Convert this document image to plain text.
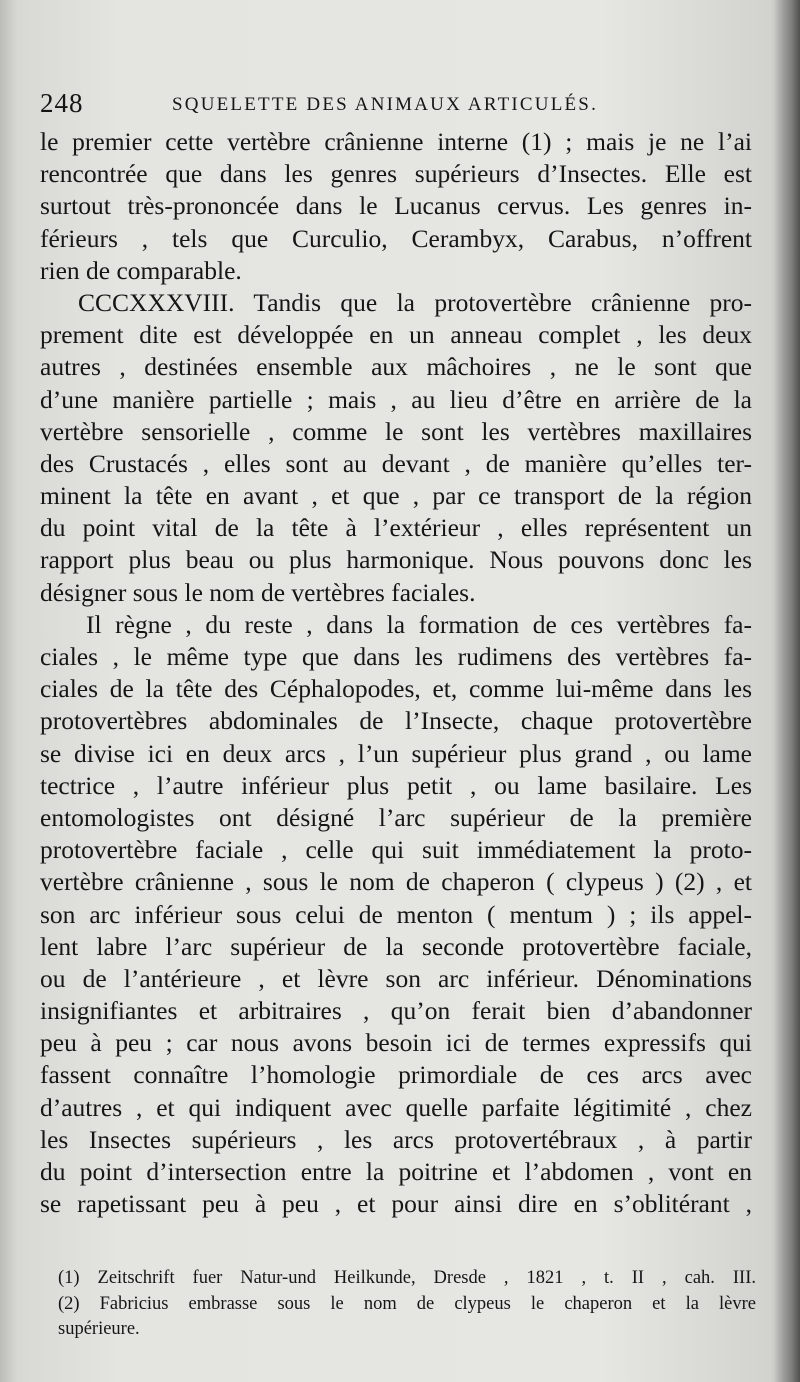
248	SQUELETTE DES ANIMAUX ARTICULÉS.
le premier cette vertèbre crânienne interne (1) ; mais je ne l’ai
rencontrée que dans les genres supérieurs d’Insectes. Elle est
surtout très-prononcée dans le Lucanus cervus. Les genres in-
férieurs , tels que Curculio, Cerambyx, Carabus, n’offrent
rien de comparable.
CCCXXXVIII. Tandis que la protovertèbre crânienne pro-
prement dite est développée en un anneau complet , les deux
autres , destinées ensemble aux mâchoires , ne le sont que
d’une manière partielle ; mais , au lieu d’être en arrière de la
vertèbre sensorielle , comme le sont les vertèbres maxillaires
des Crustacés , elles sont au devant , de manière qu’elles ter-
minent la tête en avant , et que , par ce transport de la région
du point vital de la tête à l’extérieur , elles représentent un
rapport plus beau ou plus harmonique. Nous pouvons donc les
désigner sous le nom de vertèbres faciales.
Il règne , du reste , dans la formation de ces vertèbres fa-
ciales , le même type que dans les rudimens des vertèbres fa-
ciales de la tête des Céphalopodes, et, comme lui-même dans les
protovertèbres abdominales de l’Insecte, chaque protovertèbre
se divise ici en deux arcs , l’un supérieur plus grand , ou lame
tectrice , l’autre inférieur plus petit , ou lame basilaire. Les
entomologistes ont désigné l’arc supérieur de la première
protovertèbre faciale , celle qui suit immédiatement la proto-
vertèbre crânienne , sous le nom de chaperon ( clypeus ) (2) , et
son arc inférieur sous celui de menton ( mentum ) ; ils appel-
lent labre l’arc supérieur de la seconde protovertèbre faciale,
ou de l’antérieure , et lèvre son arc inférieur. Dénominations
insignifiantes et arbitraires , qu’on ferait bien d’abandonner
peu à peu ; car nous avons besoin ici de termes expressifs qui
fassent connaître l’homologie primordiale de ces arcs avec
d’autres , et qui indiquent avec quelle parfaite légitimité , chez
les Insectes supérieurs , les arcs protovertébraux , à partir
du point d’intersection entre la poitrine et l’abdomen , vont en
se rapetissant peu à peu , et pour ainsi dire en s’oblitérant ,
(1) Zeitschrift fuer Natur-und Heilkunde, Dresde , 1821 , t. II , cah. III.
(2) Fabricius embrasse sous le nom de clypeus le chaperon et la lèvre
supérieure.
